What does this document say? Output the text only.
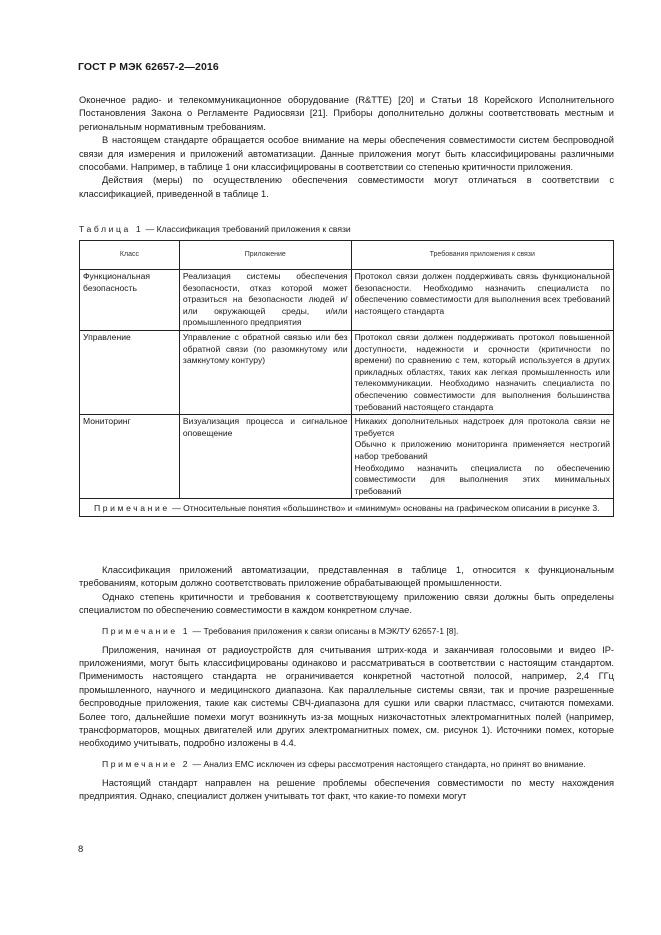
ГОСТ Р МЭК 62657-2—2016

Оконечное радио- и телекоммуникационное оборудование (R&TTE) [20] и Статьи 18 Корейского Исполнительного Постановления Закона о Регламенте Радиосвязи [21]. Приборы дополнительно должны соответствовать местным и региональным нормативным требованиям.

В настоящем стандарте обращается особое внимание на меры обеспечения совместимости систем беспроводной связи для измерения и приложений автоматизации. Данные приложения могут быть классифицированы различными способами. Например, в таблице 1 они классифицированы в соответствии со степенью критичности приложения.

Действия (меры) по осуществлению обеспечения совместимости могут отличаться в соответствии с классификацией, приведенной в таблице 1.

Таблица 1 — Классификация требований приложения к связи
Класс	Приложение	Требования приложения к связи
Функциональная безопасность	Реализация системы обеспечения безопасности, отказ которой может отразиться на безопасности людей и/или окружающей среды, и/или промышленного предприятия	Протокол связи должен поддерживать связь функциональной безопасности. Необходимо назначить специалиста по обеспечению совместимости для выполнения всех требований настоящего стандарта

Управление	Управление с обратной связью или без обратной связи (по разомкнутому или замкнутому контуру)	Протокол связи должен поддерживать протокол повышенной доступности, надежности и срочности (критичности по времени) по сравнению с тем, который используется в других прикладных областях, таких как легкая промышленность или телекоммуникации. Необходимо назначить специалиста по обеспечению совместимости для выполнения большинства требований настоящего стандарта

Мониторинг	Визуализация процесса и сигнальное оповещение	Никаких дополнительных надстроек для протокола связи не требуется
Обычно к приложению мониторинга применяется нестрогий набор требований
Необходимо назначить специалиста по обеспечению совместимости для выполнения этих минимальных требований

Примечание — Относительные понятия «большинство» и «минимум» основаны на графическом описании в рисунке 3.		

Классификация приложений автоматизации, представленная в таблице 1, относится к функциональным требованиям, которым должно соответствовать приложение обрабатывающей промышленности.

Однако степень критичности и требования к соответствующему приложению связи должны быть определены специалистом по обеспечению совместимости в каждом конкретном случае.

Примечание 1 — Требования приложения к связи описаны в МЭК/ТУ 62657-1 [8].

Приложения, начиная от радиоустройств для считывания штрих-кода и заканчивая голосовыми и видео IP-приложениями, могут быть классифицированы одинаково и рассматриваться в соответствии с настоящим стандартом. Применимость настоящего стандарта не ограничивается конкретной частотной полосой, например, 2,4 ГГц промышленного, научного и медицинского диапазона. Как параллельные системы связи, так и прочие разрешенные беспроводные приложения, такие как системы СВЧ-диапазона для сушки или сварки пластмасс, считаются помехами. Более того, дальнейшие помехи могут возникнуть из-за мощных низкочастотных электромагнитных полей (например, трансформаторов, мощных двигателей или других электромагнитных помех, см. рисунок 1). Источники помех, которые необходимо учитывать, подробно изложены в 4.4.

Примечание 2 — Анализ EMC исключен из сферы рассмотрения настоящего стандарта, но принят во внимание.

Настоящий стандарт направлен на решение проблемы обеспечения совместимости по месту нахождения предприятия. Однако, специалист должен учитывать тот факт, что какие-то помехи могут

8
